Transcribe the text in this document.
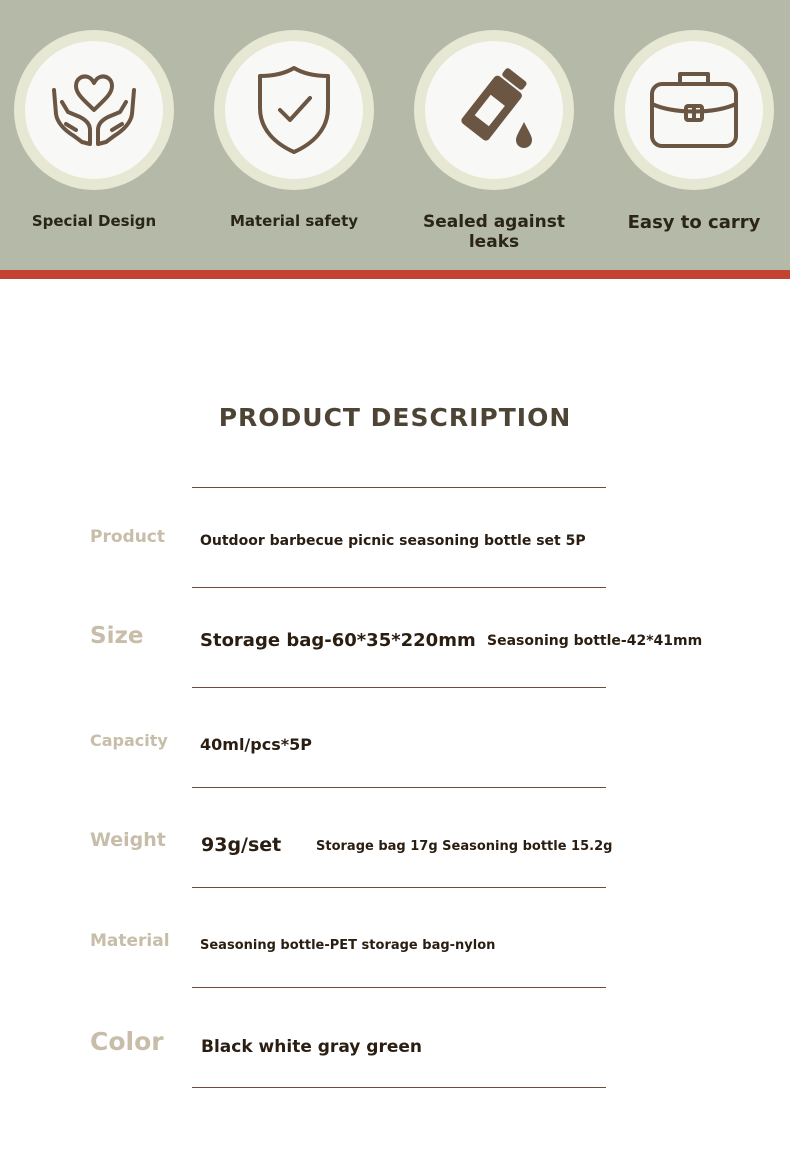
Special Design	Material safety	Sealed against leaks
Easy to carry
PRODUCT DESCRIPTION
Product	Outdoor barbecue picnic seasoning bottle set 5P
Size	Storage bag-60*35*220mm Seasoning bottle-42*41mm
Capacity 40ml/pcs*5P
Weight 93g/set	Storage bag 17g Seasoning bottle 15.2g
Material Seasoning bottle-PET storage bag-nylon
Color Black white gray green
